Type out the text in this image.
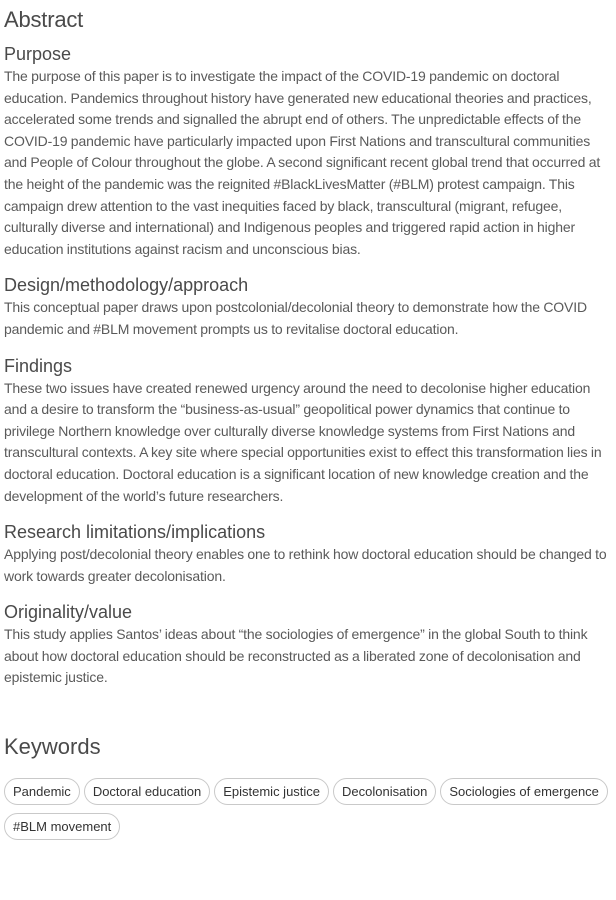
Abstract
Purpose

The purpose of this paper is to investigate the impact of the COVID-19 pandemic on doctoral education. Pandemics throughout history have generated new educational theories and practices, accelerated some trends and signalled the abrupt end of others. The unpredictable effects of the COVID-19 pandemic have particularly impacted upon First Nations and transcultural communities and People of Colour throughout the globe. A second significant recent global trend that occurred at the height of the pandemic was the reignited #BlackLivesMatter (#BLM) protest campaign. This campaign drew attention to the vast inequities faced by black, transcultural (migrant, refugee, culturally diverse and international) and Indigenous peoples and triggered rapid action in higher education institutions against racism and unconscious bias.

Design/methodology/approach

This conceptual paper draws upon postcolonial/decolonial theory to demonstrate how the COVID pandemic and #BLM movement prompts us to revitalise doctoral education.

Findings

These two issues have created renewed urgency around the need to decolonise higher education and a desire to transform the “business-as-usual” geopolitical power dynamics that continue to privilege Northern knowledge over culturally diverse knowledge systems from First Nations and transcultural contexts. A key site where special opportunities exist to effect this transformation lies in doctoral education. Doctoral education is a significant location of new knowledge creation and the development of the world’s future researchers.

Research limitations/implications

Applying post/decolonial theory enables one to rethink how doctoral education should be changed to work towards greater decolonisation.

Originality/value

This study applies Santos’ ideas about “the sociologies of emergence” in the global South to think about how doctoral education should be reconstructed as a liberated zone of decolonisation and epistemic justice.

Keywords
Pandemic	Doctoral education	Epistemic justice	Decolonisation	Sociologies of emergence
#BLM movement
